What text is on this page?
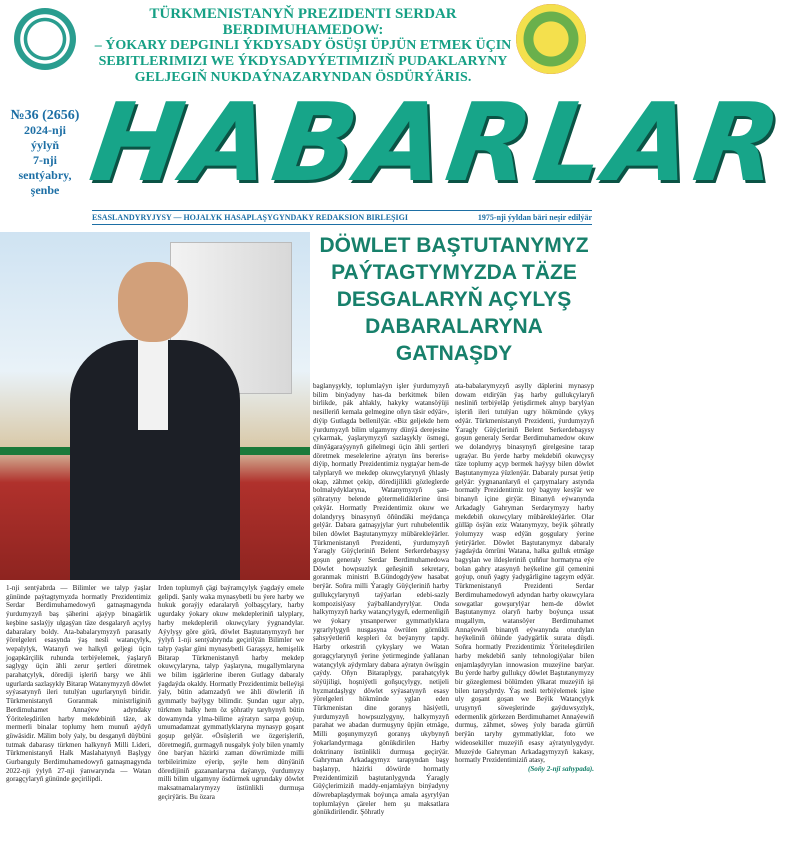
TÜRKMENISTANYŇ PREZIDENTI SERDAR BERDIMUHAMEDOW:
– ÝOKARY DEPGINLI ÝKDYSADY ÖSÜŞI ÜPJÜN ETMEK ÜÇIN
SEBITLERIMIZI WE ÝKDYSADYÝETIMIZIŇ PUDAKLARYNY
GELJEGIŇ NUKDAÝNAZARYNDAN ÖSDÜRÝÄRIS.
№36 (2656)
2024-nji
ýylyň
7-nji
sentýabry,
şenbe HABARLAR
ESASLANDYRYJYSY — HOJALYK HASAPLAŞYGYNDAKY REDAKSION BIRLEŞIGI	1975-nji ýyldan bäri neşir edilýär
DÖWLET BAŞTUTANYMYZ PAÝTAGTYMYZDA TÄZE DESGALARYŇ AÇYLYŞ DABARALARYNA GATNAŞDY
1-nji sentýabrda — Bilimler we talyp ýaşlar gününde paýtagtymyzda hormatly Prezidentimiz Serdar Berdimuhamedowyň gatnaşmagynda ýurdumyzyň baş şäherini ajaýyp binagärlik keşbine saslaýjy ulgaşýan täze desgalaryň açylyş dabaralary boldy. Ata-babalarymyzyň parasatly ýörelgeleri esasynda ýaş nesli watançylyk, wepalylyk, Watanyň we halkyň geljegi üçin jogapkärçilik ruhunda terbiýelemek, ýaşlaryň saglygy üçin ähli zerur şertleri döretmek parahatçylyk, dörediji işleriň barşy we ähli ugurlarda sazlaşykly Bitarap Watanymyzyň döwlet syýasatynyň ileri tutulýan ugurlarynyň biridir. Türkmenistanyň Goranmak ministrliginiň Berdimuhamet Annaýew adyndaky Ýöriteleşdirilen harby mekdebiniň täze, ak mermerli binalar toplumy hem munuň aýdyň güwäsidir. Mälim boly ýaly, bu desganyň düýbüni tutmak dabarasy türkmen halkynyň Milli Lideri, Türkmenistanyň Halk Maslahatynyň Başlygy Gurbanguly Berdimuhamedowyň gatnaşmagynda 2022-nji ýylyň 27-nji ýanwarynda — Watan goragçylaryň gününde geçirilipdi.
Irden toplumyň çägi baýramçylyk ýagdaýy emele gelipdi. Şanly waka mynasybetli bu ýere harby we hukuk goraýjy edaralaryň ýolbaşçylary, harby ugurdaky ýokary okuw mekdepleriniň talyplary, harby mekdepleriň okuwçylary ýygnandylar. Aýylyşy göre görä, döwlet Baştutanymyzyň her ýylyň 1-nji sentýabrynda geçirilýän Bilimler we talyp ýaşlar güni mynasybetli Garaşsyz, hemişelik Bitarap Türkmenistanyň harby mekdep okuwçylaryna, talyp ýaşlaryna, mugallymlaryna we bilim işgärlerine iberen Gutlagy dabaraly ýagdaýda okaldy. Hormatly Prezidentimiz belleýişi ýaly, bütin adamzadyň we ähli döwleriň iň gymmatly baýlygy bilimdir. Şundan ugur alyp, türkmen halky hem öz şöhratly taryhynyň bütin dowamynda ylma-bilime aýratyn sarpa goýup, umumadamzat gymmatlyklaryna mynasyp goşant goşup gelýär. «Ösüşleriň we özgerişleriň, döretmegiň, gurmagyň nusgalyk ýoly bilen ynamly öne barýan häzirki zaman döwrümizde milli terbileirimize eýerip, şeýle hem dünýäniň döredijiniň gazananlaryna daýanyp, ýurdumyzy milli bilim ulgamyny ösdürmek ugrundaky döwlet maksatnamalarymyzy üstünlikli durmuşa geçirýäris. Bu özara
baglanyşykly, toplumlaýyn işler ýurdumyzyň bilim binýadyny has-da berkitmek bilen birlikde, pák ahlakly, hakyky watansöýüji nesilleriň kemala gelmegine oňyn täsir edýär», diýip Gutlagda bellenilýär. «Biz geljekde hem ýurdumyzyň bilim ulgamyny dünýä derejesine çykarmak, ýaşlarymyzyň sazlaşykly ösmegi, dünýägaraýşynyň giňelmegi üçin ähli şertleri döretmek meselelerine aýratyn üns bereris» diýip, hormatly Prezidentimiz nygtaýar hem-de talyplaryň we mekdep okuwçylarynyň ýhlasly okap, zähmet çekip, döredijilikli gözleglerde bolmalydyklaryna, Watanymyzyň şan-şöhratyny belende götermelidiklerine ünsi çekýär. Hormatly Prezidentimiz okuw we dolandyryş binasynyň öňündäki meýdança gelýär. Dabara gatnaşyjylar ýurt ruhubelentlik bilen döwlet Baştutanymyzy mübärekleýärler. Türkmenistanyň Prezidenti, ýurdumyzyň Ýaragly Güýçleriniň Belent Serkerdebaşysy goşun generaly Serdar Berdimuhamedowa Döwlet howpsuzlyk geňeşiniň sekretary, goranmak ministri B.Gündogdyýew hasabat berýär. Soňra milli Ýaragly Güýçleriniň harby gullukçylarynyň taýýarlan edebi-sazly kompozisiýasy ýaýbaňlandyrylýar. Onda halkymyzyň harky watançylygyň, edermenligiň we ýokary ynsanperwer gymmatlyklara ygrarlylygyň nusgasyna öwrülen görnükli şahsyýetleriň keşpleri öz beýanyny tapdy. Harby orkestriň çykyşlary we Watan goragçylarynyň ýerine ýetirmeginde ýaňlanan watançylyk aýdymlary dabara aýratyn öwüşgin çaýdy. Oňyn Bitaraplygy, parahatçylyk söýüjiligi, hoşniýetli goňşuçylygy, netijeli hyzmatdaşlygy döwlet syýasatynyň esasy ýörelgeleri hökmünde yglan eden Türkmenistan dine goranyş häsiýetli, ýurdumyzyň howpsuzlygyny, halkymyzyň parahat we abadan durmuşyny üpjün etmäge, Milli goşunymyzyň goranyş ukybynyň ýokarlandyrmaga gönükdirilen Harby doktrinany üstünlikli durmuşa geçirýär. Gahryman Arkadagymyz tarapyndan başy başlanyp, häzirki döwürde hormatly Prezidentimiziň baştutanlygynda Ýaragly Güýçlerimiziň maddy-enjamlaýyn binýadyny döwrebaplaşdyrmak boýunça amala aşyrylýan toplumlaýyn çäreler hem şu maksatlara gönükdirilendir. Şöhratly
ata-babalarymyzyň asylly däplerini mynasyp dowam etdirýän ýaş harby gullukçylaryň nesliniň terbiýelâp ýetişdirmek alnyp barylýan işleriň ileri tutulýan ugry hökmünde çykyş edýär. Türkmenistanyň Prezidenti, ýurdumyzyň Ýaragly Güýçleriniň Belent Serkerdebaşysy goşun generaly Serdar Berdimuhamedow okuw we dolandyryş binasynyň girelgesine tarap ugraýar. Bu ýerde harby mekdebiň okuwçysy täze toplumy açyp bermek haýyşy bilen döwlet Baştutanymyza ýüzlenýär. Dabaraly pursat ýetip gelýär: ýygnananlaryň el çarpymalary astynda hormatly Prezidentimiz toý bagyny kesýär we binanyň içine girýär. Binanyň eýwanynda Arkadagly Gahryman Serdarymyzy harby mekdebiň okuwçylary mübärekleýärler. Olar gülläp ösýän eziz Watanymyzy, beýik şöhratly ýolumyzy wasp edýän goşgulary ýerine ýetirýärler. Döwlet Baştutanymyz dabaraly ýagdaýda ömrüni Watana, halka gulluk etmäge bagyşlan we ildeşleriniň çuňňur hormatyna eýe bolan gahry atasynyň heýkeline gül çemenini goýup, onuň ýagty ýadygärligine tagzym edýär. Türkmenistanyň Prezidenti Serdar Berdimuhamedowyň adyndan harby okuwçylara sowgatlar gowşurylýar hem-de döwlet Baştutanymyz olaryň harby boýunça ussat mugallym, watansöýer Berdimuhamet Annaýewiň binanyň eýwanynda oturdylan heýkeliniň öňünde ýadygärlik surata düşdi. Soňra hormatly Prezidentimiz Ýöriteleşdirilen harby mekdebiň sanly tehnologiýalar bilen enjamlaşdyrylan innowasion muzeýine barýar. Bu ýerde harby gullukçy döwlet Baştutanymyzy bir gözeglemesi bölümden ýlkarat muzeýiň işi bilen tanyşdyrdy. Ýaş nesli terbiýelemek işine uly goşant goşan we Beýik Watançylyk uruşynyň söweşlerinde gaýduwsyzlyk, edermenlik görkezen Berdimuhamet Annaýewiň durmuş, zähmet, söweş ýoly barada gürrüň berýän taryhy gymmatlyklar, foto we wideosekiller muzeýiň esasy aýratynlygydyr. Muzeýde Gahryman Arkadagymyzyň kakasy, hormatly Prezidentimiziň atasy,
(Soňy 2-nji sahypada).
